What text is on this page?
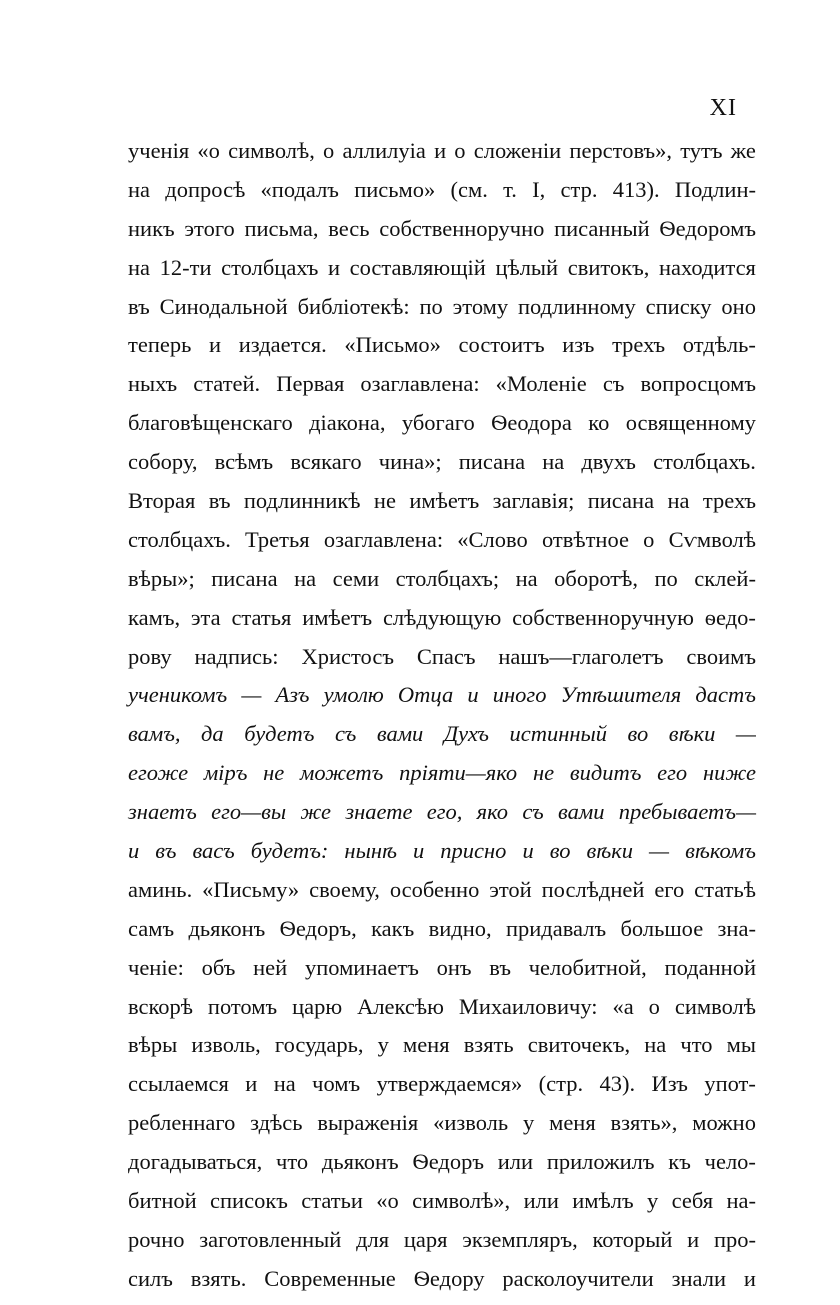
XI
ученія «о символѣ, о аллилуіа и о сложеніи перстовъ», тутъ же
на допросѣ «подалъ письмо» (см. т. I, стр. 413). Подлин-
никъ этого письма, весь собственноручно писанный Ѳедоромъ
на 12-ти столбцахъ и составляющій цѣлый свитокъ, находится
въ Синодальной библіотекѣ: по этому подлинному списку оно
теперь и издается. «Письмо» состоитъ изъ трехъ отдѣль-
ныхъ статей. Первая озаглавлена: «Моленіе съ вопросцомъ
благовѣщенскаго діакона, убогаго Ѳеодора ко освященному
собору, всѣмъ всякаго чина»; писана на двухъ столбцахъ.
Вторая въ подлинникѣ не имѣетъ заглавія; писана на трехъ
столбцахъ. Третья озаглавлена: «Слово отвѣтное о Сѵмволѣ
вѣры»; писана на семи столбцахъ; на оборотѣ, по склей-
камъ, эта статья имѣетъ слѣдующую собственноручную ѳедо-
рову надпись: Христосъ Спасъ нашъ—глаголетъ своимъ
ученикомъ — Азъ умолю Отца и иного Утѣшителя дастъ
вамъ, да будетъ съ вами Духъ истинный во вѣки —
егоже міръ не можетъ пріяти—яко не видитъ его ниже
знаетъ его—вы же знаете его, яко съ вами пребываетъ—
и въ васъ будетъ: нынѣ и присно и во вѣки — вѣкомъ
аминь. «Письму» своему, особенно этой послѣдней его статьѣ
самъ дьяконъ Ѳедоръ, какъ видно, придавалъ большое зна-
ченіе: объ ней упоминаетъ онъ въ челобитной, поданной
вскорѣ потомъ царю Алексѣю Михаиловичу: «а о символѣ
вѣры изволь, государь, у меня взять свиточекъ, на что мы
ссылаемся и на чомъ утверждаемся» (стр. 43). Изъ упот-
ребленнаго здѣсь выраженія «изволь у меня взять», можно
догадываться, что дьяконъ Ѳедоръ или приложилъ къ чело-
битной списокъ статьи «о символѣ», или имѣлъ у себя на-
рочно заготовленный для царя экземпляръ, который и про-
силъ взять. Современные Ѳедору расколоучители знали и
